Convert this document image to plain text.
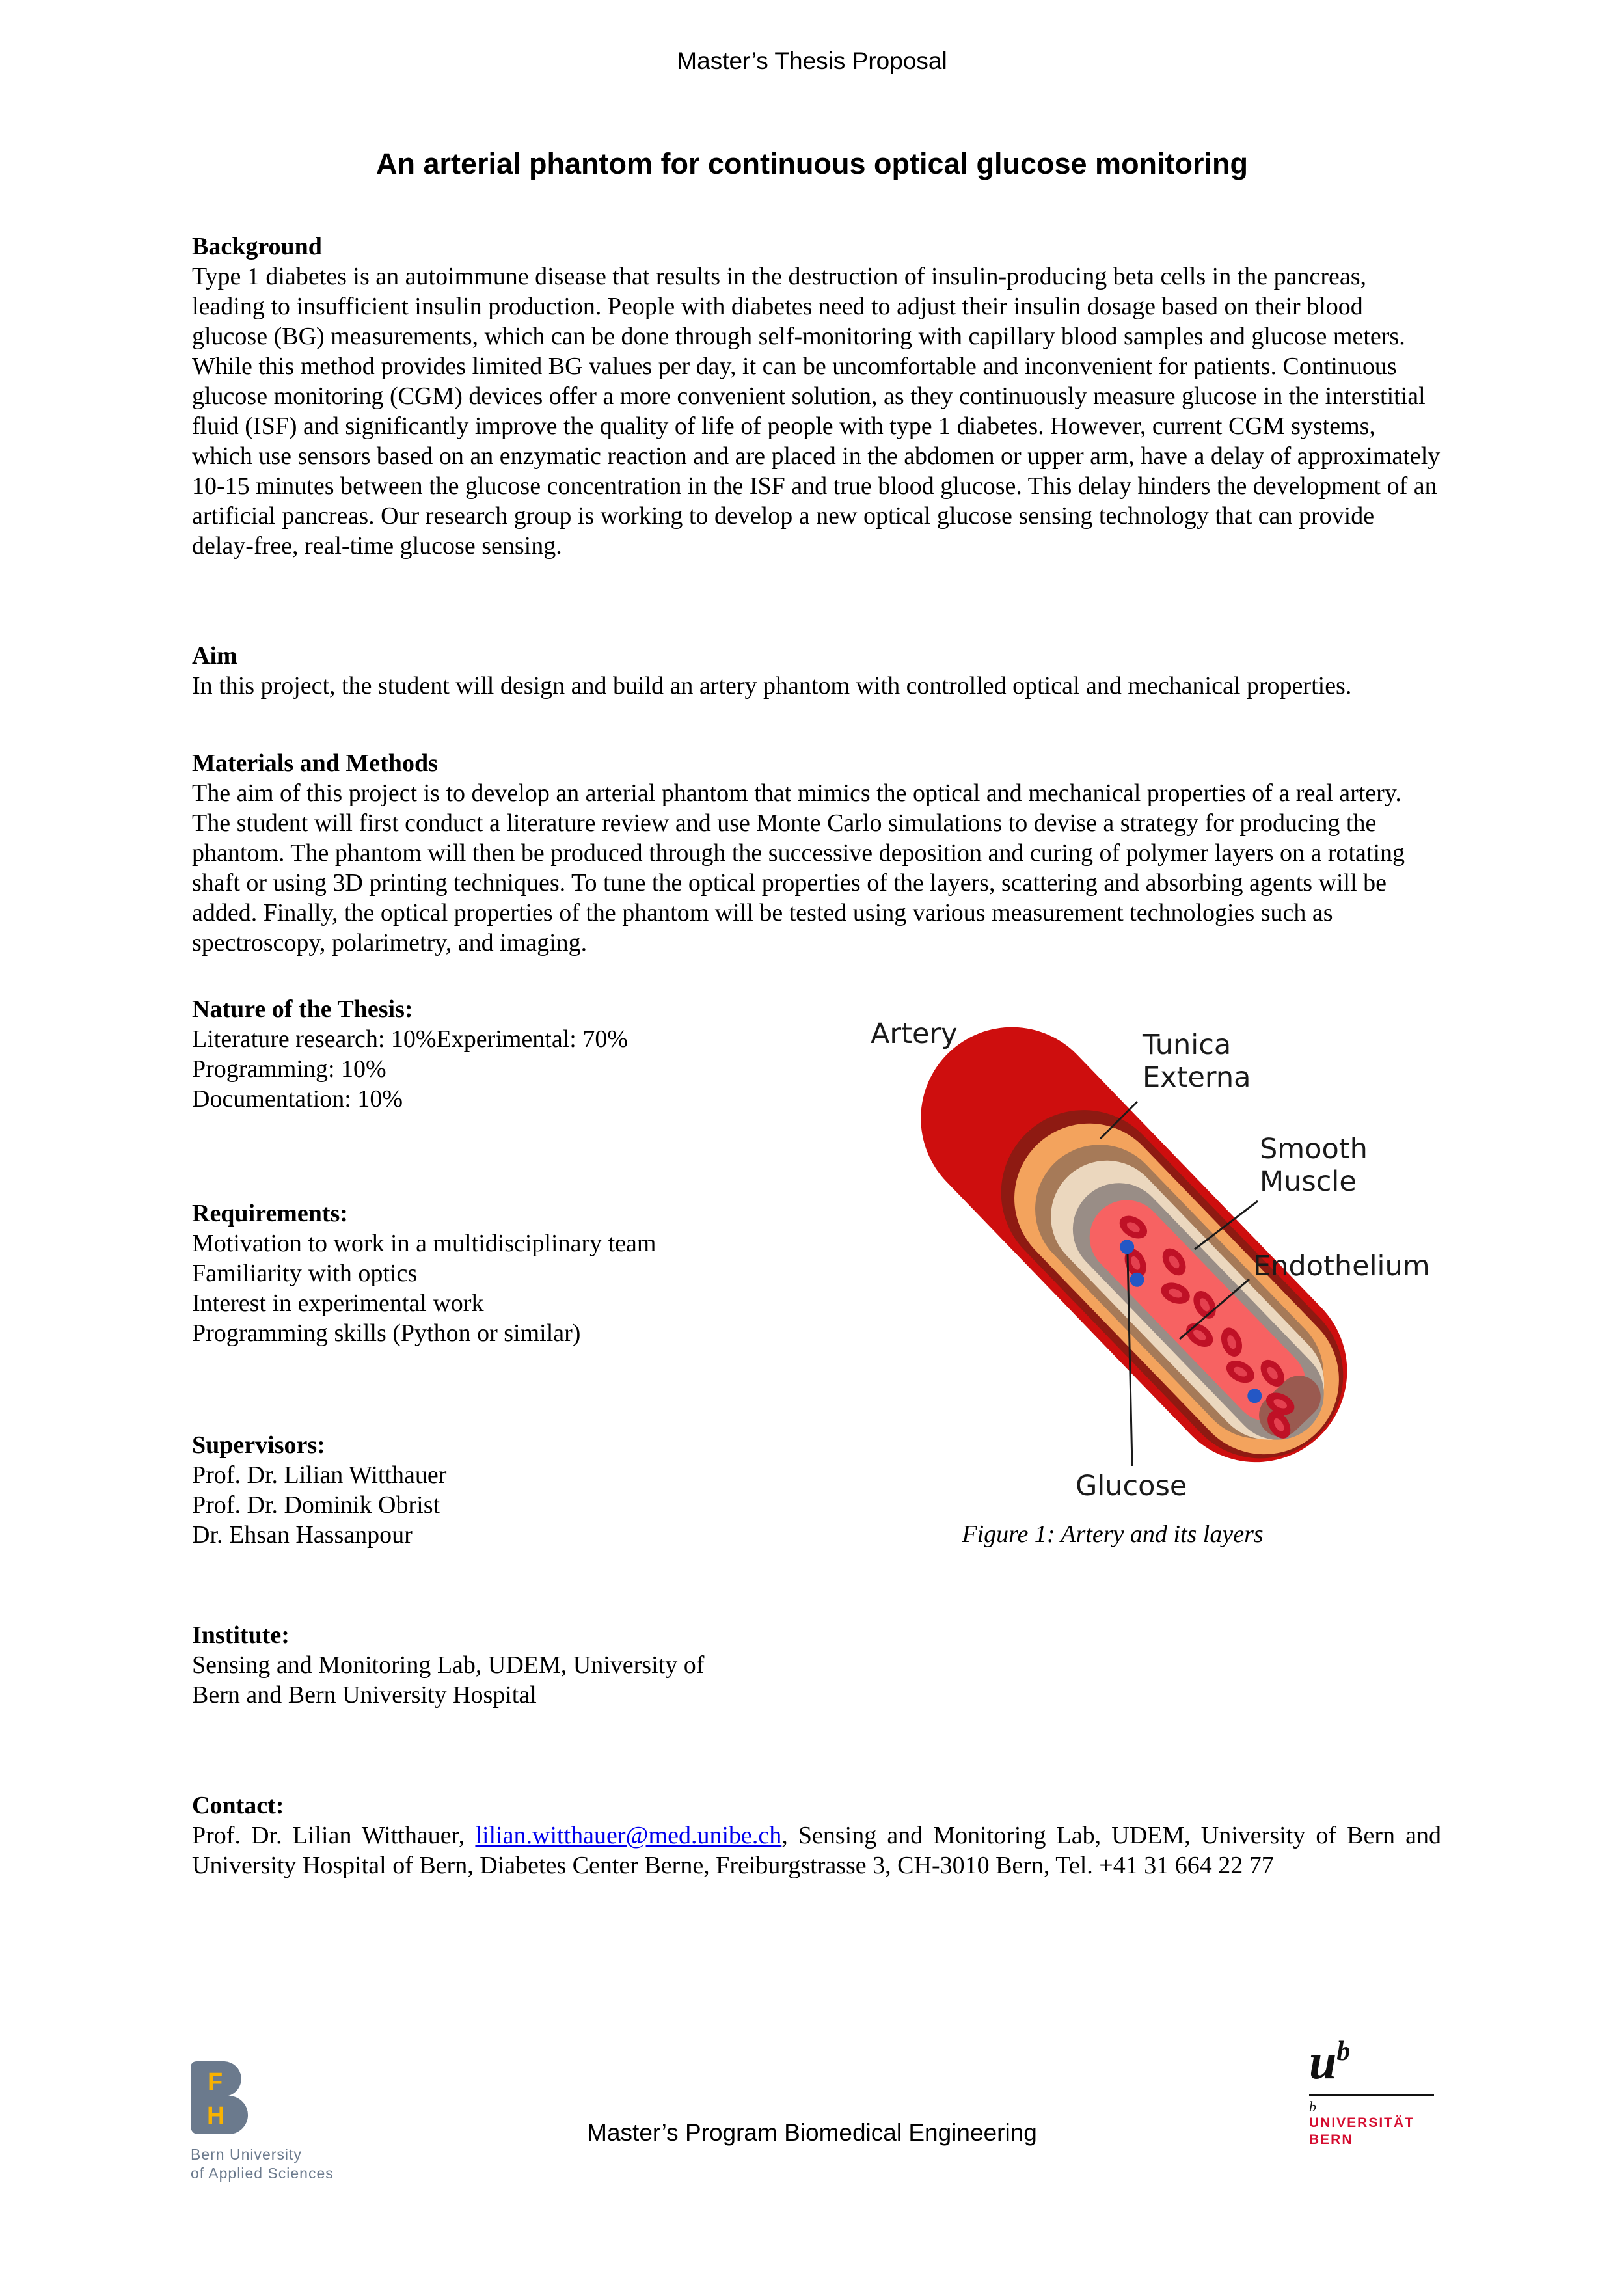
Master’s Thesis Proposal
An arterial phantom for continuous optical glucose monitoring
Background

Type 1 diabetes is an autoimmune disease that results in the destruction of insulin-producing beta cells in the pancreas, leading to insufficient insulin production. People with diabetes need to adjust their insulin dosage based on their blood glucose (BG) measurements, which can be done through self-monitoring with capillary blood samples and glucose meters. While this method provides limited BG values per day, it can be uncomfortable and inconvenient for patients. Continuous glucose monitoring (CGM) devices offer a more convenient solution, as they continuously measure glucose in the interstitial fluid (ISF) and significantly improve the quality of life of people with type 1 diabetes. However, current CGM systems, which use sensors based on an enzymatic reaction and are placed in the abdomen or upper arm, have a delay of approximately 10-15 minutes between the glucose concentration in the ISF and true blood glucose. This delay hinders the development of an artificial pancreas. Our research group is working to develop a new optical glucose sensing technology that can provide delay-free, real-time glucose sensing.

Aim

In this project, the student will design and build an artery phantom with controlled optical and mechanical properties.

Materials and Methods

The aim of this project is to develop an arterial phantom that mimics the optical and mechanical properties of a real artery. The student will first conduct a literature review and use Monte Carlo simulations to devise a strategy for producing the phantom. The phantom will then be produced through the successive deposition and curing of polymer layers on a rotating shaft or using 3D printing techniques. To tune the optical properties of the layers, scattering and absorbing agents will be added. Finally, the optical properties of the phantom will be tested using various measurement technologies such as spectroscopy, polarimetry, and imaging.

Nature of the Thesis:
Literature research: 10%Experimental: 70%
Programming: 10%
Documentation: 10%
Requirements:
Motivation to work in a multidisciplinary team
Familiarity with optics
Interest in experimental work
Programming skills (Python or similar)
Supervisors:
Prof. Dr. Lilian Witthauer
Prof. Dr. Dominik Obrist
Dr. Ehsan Hassanpour
Institute:
Sensing and Monitoring Lab, UDEM, University of
Bern and Bern University Hospital
Contact:

Prof. Dr. Lilian Witthauer, lilian.witthauer@med.unibe.ch, Sensing and Monitoring Lab, UDEM, University of Bern and University Hospital of Bern, Diabetes Center Berne, Freiburgstrasse 3, CH-3010 Bern, Tel. +41 31 664 22 77

Artery	Tunica
Externa
Smooth
Muscle
Endothelium
Glucose
Figure 1: Artery and its layers
F
H
Bern University
of Applied Sciences
Master’s Program Biomedical Engineering
$u^b$
b
UNIVERSITÄT
BERN
